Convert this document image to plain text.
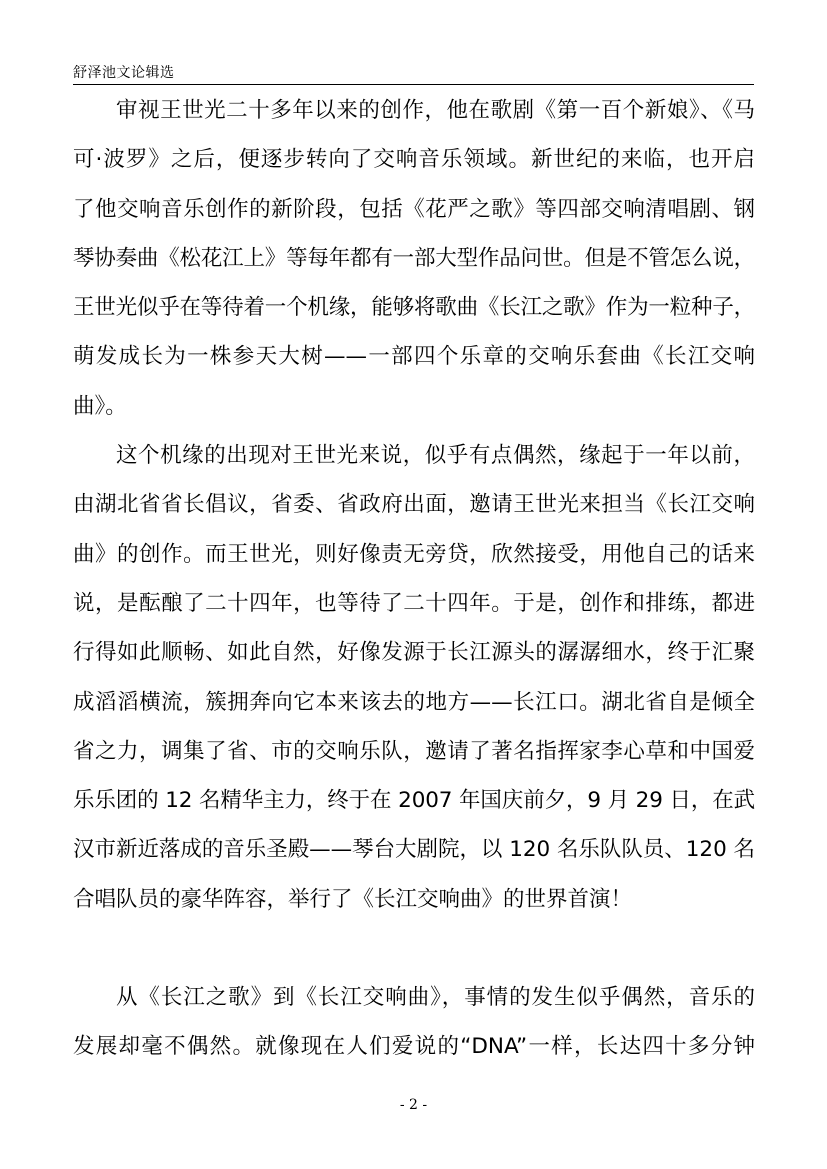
舒泽池文论辑选
审视王世光二十多年以来的创作，他在歌剧《第一百个新娘》、《马
可·波罗》之后，便逐步转向了交响音乐领域。新世纪的来临，也开启
了他交响音乐创作的新阶段，包括《花严之歌》等四部交响清唱剧、钢
琴协奏曲《松花江上》等每年都有一部大型作品问世。但是不管怎么说，
王世光似乎在等待着一个机缘，能够将歌曲《长江之歌》作为一粒种子，
萌发成长为一株参天大树——一部四个乐章的交响乐套曲《长江交响
曲》。
这个机缘的出现对王世光来说，似乎有点偶然，缘起于一年以前，
由湖北省省长倡议，省委、省政府出面，邀请王世光来担当《长江交响
曲》的创作。而王世光，则好像责无旁贷，欣然接受，用他自己的话来
说，是酝酿了二十四年，也等待了二十四年。于是，创作和排练，都进
行得如此顺畅、如此自然，好像发源于长江源头的潺潺细水，终于汇聚
成滔滔横流，簇拥奔向它本来该去的地方——长江口。湖北省自是倾全
省之力，调集了省、市的交响乐队，邀请了著名指挥家李心草和中国爱
乐乐团的 12 名精华主力，终于在 2007 年国庆前夕，9 月 29 日，在武
汉市新近落成的音乐圣殿——琴台大剧院，以 120 名乐队队员、120 名
合唱队员的豪华阵容，举行了《长江交响曲》的世界首演！
从《长江之歌》到《长江交响曲》，事情的发生似乎偶然，音乐的
发展却毫不偶然。就像现在人们爱说的“DNA”一样，长达四十多分钟
- 2 -
